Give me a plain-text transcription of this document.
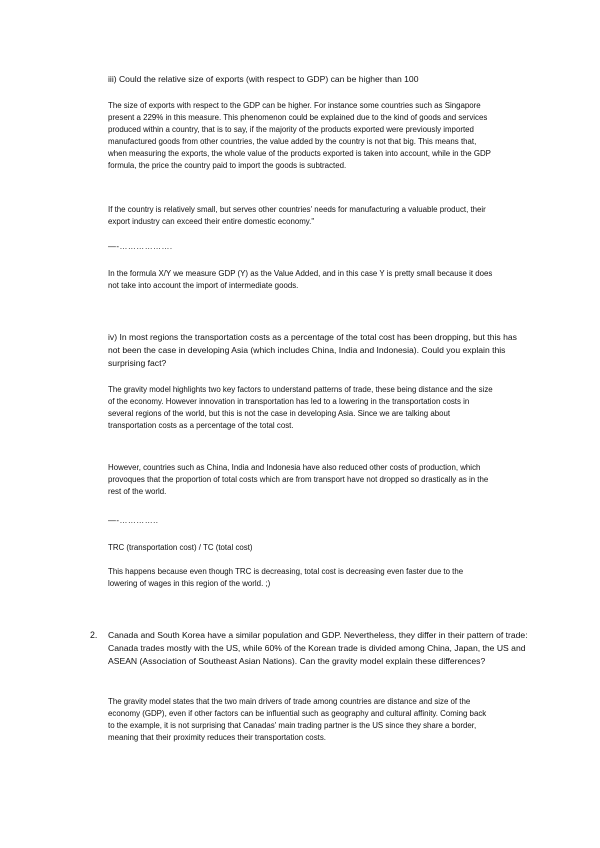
iii) Could the relative size of exports (with respect to GDP) can be higher than 100

The size of exports with respect to the GDP can be higher. For instance some countries such as Singapore present a 229% in this measure. This phenomenon could be explained due to the kind of goods and services produced within a country, that is to say, if the majority of the products exported were previously imported manufactured goods from other countries, the value added by the country is not that big. This means that, when measuring the exports, the whole value of the products exported is taken into account, while in the GDP formula, the price the country paid to import the goods is subtracted.

If the country is relatively small, but serves other countries' needs for manufacturing a valuable product, their export industry can exceed their entire domestic economy."

—-……………….

In the formula X/Y we measure GDP (Y) as the Value Added, and in this case Y is pretty small because it does not take into account the import of intermediate goods.

iv) In most regions the transportation costs as a percentage of the total cost has been dropping, but this has not been the case in developing Asia (which includes China, India and Indonesia). Could you explain this surprising fact?

The gravity model highlights two key factors to understand patterns of trade, these being distance and the size of the economy. However innovation in transportation has led to a lowering in the transportation costs in several regions of the world, but this is not the case in developing Asia. Since we are talking about transportation costs as a percentage of the total cost.

However, countries such as China, India and Indonesia have also reduced other costs of production, which provoques that the proportion of total costs which are from transport have not dropped so drastically as in the rest of the world.

—-…………..

TRC (transportation cost) / TC (total cost)

This happens because even though TRC is decreasing, total cost is decreasing even faster due to the lowering of wages in this region of the world. ;)

2. Canada and South Korea have a similar population and GDP. Nevertheless, they differ in their pattern of trade: Canada trades mostly with the US, while 60% of the Korean trade is divided among China, Japan, the US and ASEAN (Association of Southeast Asian Nations). Can the gravity model explain these differences?

The gravity model states that the two main drivers of trade among countries are distance and size of the economy (GDP), even if other factors can be influential such as geography and cultural affinity. Coming back to the example, it is not surprising that Canadas' main trading partner is the US since they share a border, meaning that their proximity reduces their transportation costs.
